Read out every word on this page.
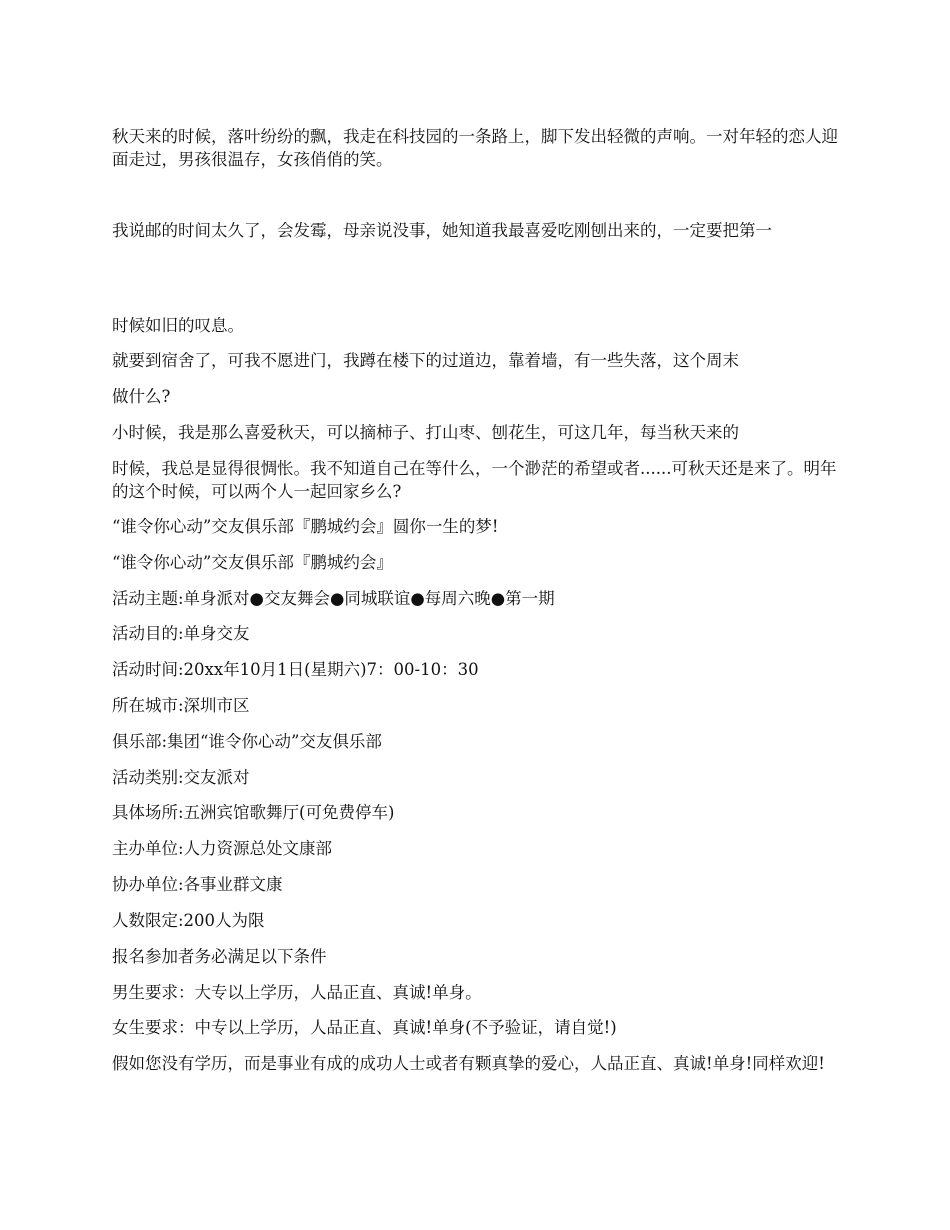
秋天来的时候，落叶纷纷的飘，我走在科技园的一条路上，脚下发出轻微的声响。一对年轻的恋人迎面走过，男孩很温存，女孩俏俏的笑。

我说邮的时间太久了，会发霉，母亲说没事，她知道我最喜爱吃刚刨出来的，一定要把第一

时候如旧的叹息。

就要到宿舍了，可我不愿进门，我蹲在楼下的过道边，靠着墙，有一些失落，这个周末

做什么?

小时候，我是那么喜爱秋天，可以摘柿子、打山枣、刨花生，可这几年，每当秋天来的

时候，我总是显得很惆怅。我不知道自己在等什么，一个渺茫的希望或者......可秋天还是来了。明年的这个时候，可以两个人一起回家乡么?

“谁令你心动”交友俱乐部『鹏城约会』圆你一生的梦!

“谁令你心动”交友俱乐部『鹏城约会』

活动主题:单身派对●交友舞会●同城联谊●每周六晚●第一期

活动目的:单身交友

活动时间:20xx年10月1日(星期六)7：00-10：30

所在城市:深圳市区

俱乐部:集团“谁令你心动”交友俱乐部

活动类别:交友派对

具体场所:五洲宾馆歌舞厅(可免费停车)

主办单位:人力资源总处文康部

协办单位:各事业群文康

人数限定:200人为限

报名参加者务必满足以下条件

男生要求：大专以上学历，人品正直、真诚!单身。

女生要求：中专以上学历，人品正直、真诚!单身(不予验证，请自觉!)

假如您没有学历，而是事业有成的成功人士或者有颗真挚的爱心，人品正直、真诚!单身!同样欢迎!
